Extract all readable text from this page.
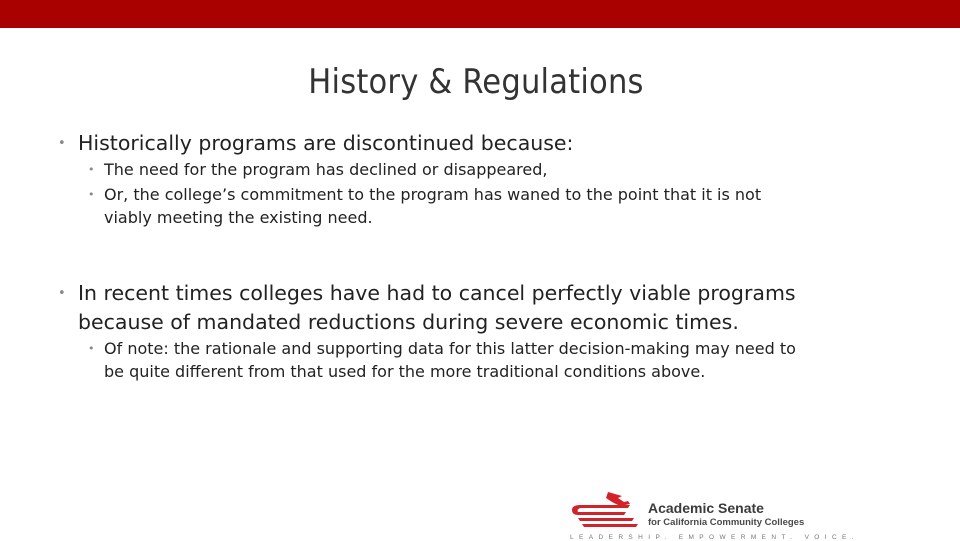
History & Regulations
• Historically programs are discontinued because:
• The need for the program has declined or disappeared,
• Or, the college’s commitment to the program has waned to the point that it is not
viably meeting the existing need.
• In recent times colleges have had to cancel perfectly viable programs
because of mandated reductions during severe economic times.
• Of note: the rationale and supporting data for this latter decision-making may need to
be quite different from that used for the more traditional conditions above.
Academic Senate
for California Community Colleges
LEADERSHIP. EMPOWERMENT. VOICE.
